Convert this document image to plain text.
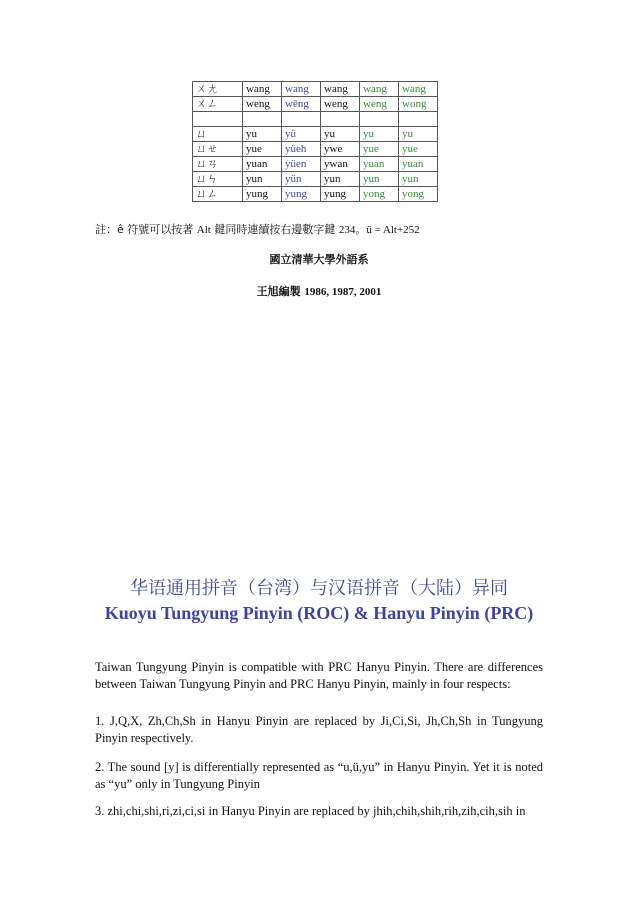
ㄨㄤ	wang	wang	wang	wang	wang
ㄨㄥ	weng	wēng	weng	weng	wong

ㄩ	yu	yü	yu	yu	yu
ㄩㄝ	yue	yüeh	ywe	yue	yue
ㄩㄢ	yuan	yüen	ywan	yuan	yuan
ㄩㄣ	yun	yün	yun	yun	yun
ㄩㄥ	yung	yung	yung	yong	yong
註：ê 符號可以按著 Alt 鍵同時連續按右邊數字鍵 234。ü = Alt+252
國立清華大學外語系
王旭編製 1986, 1987, 2001
华语通用拼音（台湾）与汉语拼音（大陆）异同
Kuoyu Tungyung Pinyin (ROC) & Hanyu Pinyin (PRC)
Taiwan Tungyung Pinyin is compatible with PRC Hanyu Pinyin. There are differences between Taiwan Tungyung Pinyin and PRC Hanyu Pinyin, mainly in four respects:
1. J,Q,X, Zh,Ch,Sh in Hanyu Pinyin are replaced by Ji,Ci,Si, Jh,Ch,Sh in Tungyung Pinyin respectively.
2. The sound [y] is differentially represented as “u,ü,yu” in Hanyu Pinyin. Yet it is noted as “yu” only in Tungyung Pinyin
3. zhi,chi,shi,ri,zi,ci,si in Hanyu Pinyin are replaced by jhih,chih,shih,rih,zih,cih,sih in
